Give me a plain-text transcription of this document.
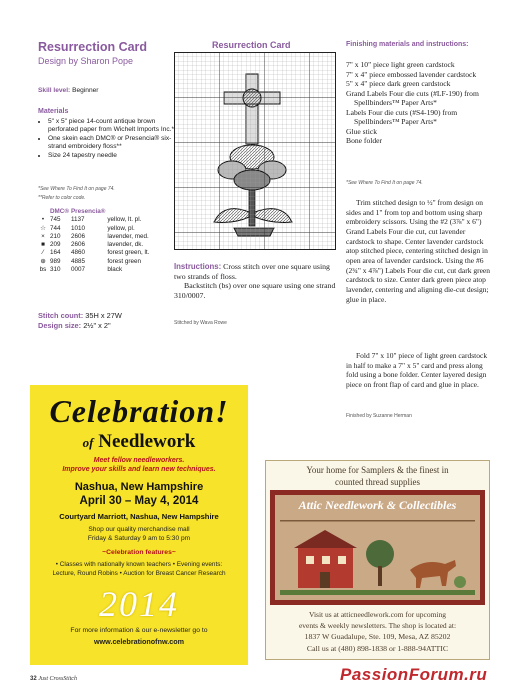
Resurrection Card
Design by Sharon Pope
Skill level: Beginner
Materials
• 5" x 5" piece 14-count antique brown perforated paper from Wichelt Imports Inc.*
• One skein each DMC® or Presencia® six-strand embroidery floss**
• Size 24 tapestry needle
*See Where To Find It on page 74.
**Refer to color code.
	DMC®	Presencia®	
•	745	1137	yellow, lt. pl.
☆	744	1010	yellow, pl.
×	210	2606	lavender, med.
■	209	2606	lavender, dk.
⁄	164	4860	forest green, lt.
⊕	989	4885	forest green
bs	310	0007	black
Stitch count: 35H x 27W
Design size: 2½" x 2"
Resurrection Card
Instructions: Cross stitch over one square using two strands of floss.
Backstitch (bs) over one square using one strand 310/0007.
Stitched by Wava Rowe
Finishing materials and instructions:
7" x 10" piece light green cardstock
7" x 4" piece embossed lavender cardstock
5" x 4" piece dark green cardstock
Grand Labels Four die cuts (#LF-190) from Spellbinders™ Paper Arts*
Labels Four die cuts (#S4-190) from Spellbinders™ Paper Arts*
Glue stick
Bone folder
*See Where To Find It on page 74.
Trim stitched design to ½" from design on sides and 1" from top and bottom using sharp embroidery scissors. Using the #2 (3⅞" x 6") Grand Labels Four die cut, cut lavender cardstock to shape. Center lavender cardstock atop stitched piece, centering stitched design in open area of lavender cardstock. Using the #6 (2¾" x 4⅞") Labels Four die cut, cut dark green cardstock to size. Center dark green piece atop lavender, centering and aligning die-cut design; glue in place.
Fold 7" x 10" piece of light green cardstock in half to make a 7" x 5" card and press along fold using a bone folder. Center layered design piece on front flap of card and glue in place.
Finished by Suzanne Herman
Celebration!
of Needlework
Meet fellow needleworkers.
Improve your skills and learn new techniques.
Nashua, New Hampshire
April 30 – May 4, 2014
Courtyard Marriott, Nashua, New Hampshire
Shop our quality merchandise mall
Friday & Saturday 9 am to 5:30 pm
~Celebration features~
• Classes with nationally known teachers • Evening events:
Lecture, Round Robins • Auction for Breast Cancer Research
2014
For more information & our e-newsletter go to
www.celebrationofnw.com
Your home for Samplers & the finest in
counted thread supplies
Attic Needlework & Collectibles
Visit us at atticneedlework.com for upcoming
events & weekly newsletters. The shop is located at:
1837 W Guadalupe, Ste. 109, Mesa, AZ 85202
Call us at (480) 898-1838 or 1-888-94ATTIC
32 Just CrossStitch	PassionForum.ru
